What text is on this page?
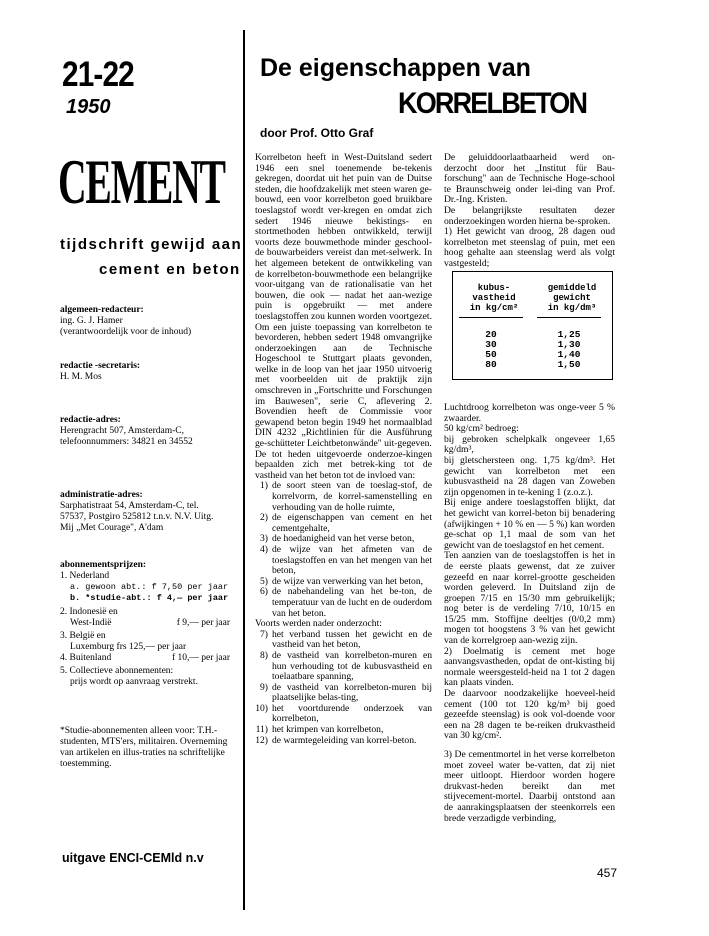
21-22
1950
CEMENT
tijdschrift gewijd aan
cement en beton
algemeen-redacteur:
ing. G. J. Hamer
(verantwoordelijk voor de inhoud)
redactie -secretaris:
H. M. Mos
redactie-adres:
Herengracht 507, Amsterdam-C,
telefoonnummers: 34821 en 34552
administratie-adres:
Sarphatistraat 54, Amsterdam-C, tel.
57537, Postgiro 525812 t.n.v. N.V. Uitg.
Mij „Met Courage", A'dam
abonnementsprijzen:
1. Nederland
a. gewoon abt.: f 7,50 per jaar
b. *studie-abt.: f 4,— per jaar
2. Indonesië en
West-Indië	f 9,— per jaar
3. België en
Luxemburg frs 125,— per jaar
4. Buitenland	f 10,— per jaar
5. Collectieve abonnementen:
prijs wordt op aanvraag verstrekt.
*Studie-abonnementen alleen voor: T.H.-studenten, MTS'ers, militairen. Overneming van artikelen en illus-traties na schriftelijke toestemming.
uitgave ENCI-CEMld n.v
De eigenschappen van
KORRELBETON
door Prof. Otto Graf

Korrelbeton heeft in West-Duitsland sedert 1946 een snel toenemende be-tekenis gekregen, doordat uit het puin van de Duitse steden, die hoofdzakelijk met steen waren ge-bouwd, een voor korrelbeton goed bruikbare toeslagstof wordt ver-kregen en omdat zich sedert 1946 nieuwe bekistings- en stortmethoden hebben ontwikkeld, terwijl voorts deze bouwmethode minder geschool-de bouwarbeiders vereist dan met-selwerk. In het algemeen betekent de ontwikkeling van de korrelbeton-bouwmethode een belangrijke voor-uitgang van de rationalisatie van het bouwen, die ook — nadat het aan-wezige puin is opgebruikt — met andere toeslagstoffen zou kunnen worden voortgezet.

Om een juiste toepassing van korrelbeton te bevorderen, hebben sedert 1948 omvangrijke onderzoekingen aan de Technische Hogeschool te Stuttgart plaats gevonden, welke in de loop van het jaar 1950 uitvoerig met voorbeelden uit de praktijk zijn omschreven in „Fortschritte und Forschungen im Bauwesen", serie C, aflevering 2. Bovendien heeft de Commissie voor gewapend beton begin 1949 het normaalblad DIN 4232 „Richtlinien für die Ausführung ge-schütteter Leichtbetonwände" uit-gegeven.

De tot heden uitgevoerde onderzoe-kingen bepaalden zich met betrek-king tot de vastheid van het beton tot de invloed van:

1) de soort steen van de toeslag-stof, de korrelvorm, de korrel-samenstelling en verhouding van de holle ruimte,
2) de eigenschappen van cement en het cementgehalte,
3) de hoedanigheid van het verse beton,
4) de wijze van het afmeten van de toeslagstoffen en van het mengen van het beton,
5) de wijze van verwerking van het beton,
6) de nabehandeling van het be-ton, de temperatuur van de lucht en de ouderdom van het beton.

Voorts werden nader onderzocht:

7) het verband tussen het gewicht en de vastheid van het beton,
8) de vastheid van korrelbeton-muren en hun verhouding tot de kubusvastheid en toelaatbare spanning,
9) de vastheid van korrelbeton-muren bij plaatselijke belas-ting,
10) het voortdurende onderzoek van korrelbeton,
11) het krimpen van korrelbeton,
12) de warmtegeleiding van korrel-beton.

De geluiddoorlaatbaarheid werd on-derzocht door het „Institut für Bau-forschung" aan de Technische Hoge-school te Braunschweig onder lei-ding van Prof. Dr.-Ing. Kristen.

De belangrijkste resultaten dezer onderzoekingen worden hierna be-sproken.

1) Het gewicht van droog, 28 dagen oud korrelbeton met steenslag of puin, met een hoog gehalte aan steenslag werd als volgt vastgesteld;

kubus-
vastheid
in kg/cm²
gemiddeld
gewicht
in kg/dm³
20	1,25
30	1,30
50	1,40
80	1,50

Luchtdroog korrelbeton was onge-veer 5 % zwaarder.

50 kg/cm² bedroeg:

bij gebroken schelpkalk ongeveer 1,65 kg/dm³,

bij gletschersteen ong. 1,75 kg/dm³. Het gewicht van korrelbeton met een kubusvastheid na 28 dagen van Zoweben zijn opgenomen in te-kening 1 (z.o.z.).

Bij enige andere toeslagstoffen blijkt, dat het gewicht van korrel-beton bij benadering (afwijkingen + 10 % en — 5 %) kan worden ge-schat op 1,1 maal de som van het gewicht van de toeslagstof en het cement.

Ten aanzien van de toeslagstoffen is het in de eerste plaats gewenst, dat ze zuiver gezeefd en naar korrel-grootte gescheiden worden geleverd. In Duitsland zijn de groepen 7/15 en 15/30 mm gebruikelijk; nog beter is de verdeling 7/10, 10/15 en 15/25 mm. Stoffijne deeltjes (0/0,2 mm) mogen tot hoogstens 3 % van het gewicht van de korrelgroep aan-wezig zijn.

2) Doelmatig is cement met hoge aanvangsvastheden, opdat de ont-kisting bij normale weersgesteld-heid na 1 tot 2 dagen kan plaats vinden.

De daarvoor noodzakelijke hoeveel-heid cement (100 tot 120 kg/m³ bij goed gezeefde steenslag) is ook vol-doende voor een na 28 dagen te be-reiken drukvastheid van 30 kg/cm².

3) De cementmortel in het verse korrelbeton moet zoveel water be-vatten, dat zij niet meer uitloopt. Hierdoor worden hogere drukvast-heden bereikt dan met stijvecement-mortel. Daarbij ontstond aan de aanrakingsplaatsen der steenkorrels een brede verzadigde verbinding,

457
